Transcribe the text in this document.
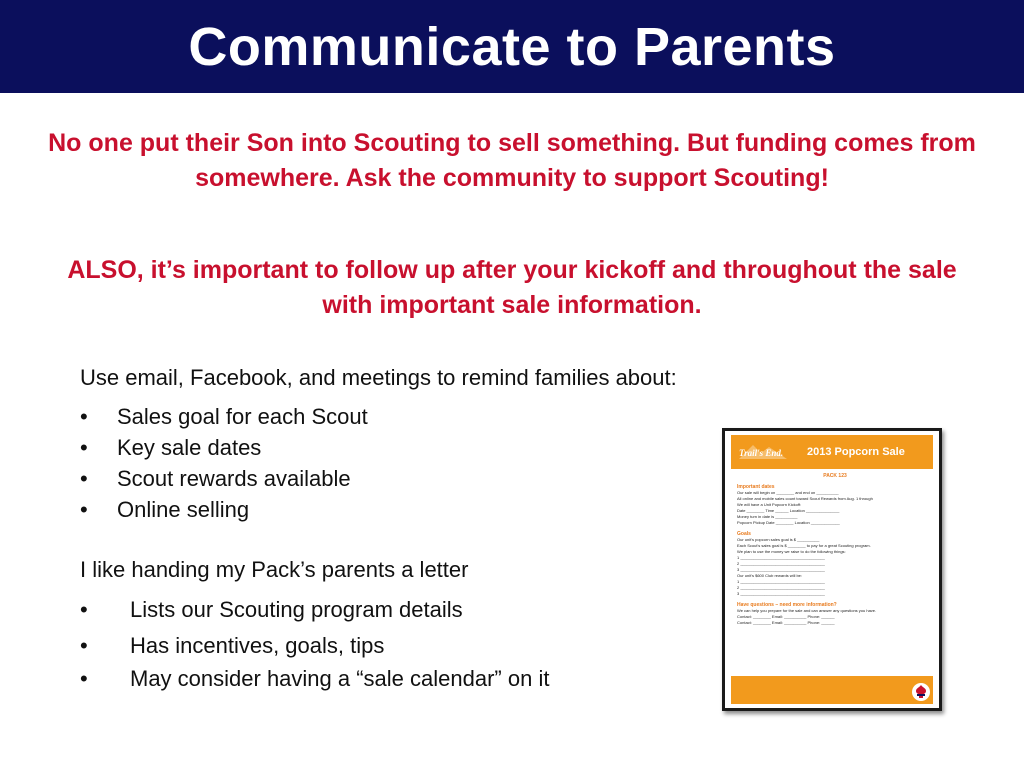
Communicate to Parents
No one put their Son into Scouting to sell something. But funding comes from somewhere. Ask the community to support Scouting!
ALSO, it’s important to follow up after your kickoff and throughout the sale with important sale information.
Use email, Facebook, and meetings to remind families about:
• Sales goal for each Scout
• Key sale dates
• Scout rewards available
• Online selling
I like handing my Pack’s parents a letter
• Lists our Scouting program details
• Has incentives, goals, tips
• May consider having a “sale calendar” on it
Trail's End. 2013 Popcorn Sale
PACK 123
Important dates
Our sale will begin on ________ and end on __________
All online and mobile sales count toward Scout Rewards from Aug. 1 through
We will have a Unit Popcorn Kickoff:
Date ________ Time ______ Location _______________
Money turn in date is __________
Popcorn Pickup Date ________ Location _____________
Goals
Our unit's popcorn sales goal is $ __________
Each Scout's sales goal is $ ________ to pay for a great Scouting program.
We plan to use the money we raise to do the following things:
1 ______________________________________
2 ______________________________________
3 ______________________________________
Our unit's $600 Club rewards will be:
1 ______________________________________
2 ______________________________________
3 ______________________________________
Have questions – need more information?
We can help you prepare for the sale and can answer any questions you have.
Contact: ________ Email: __________ Phone: ______
Contact: ________ Email: __________ Phone: ______
